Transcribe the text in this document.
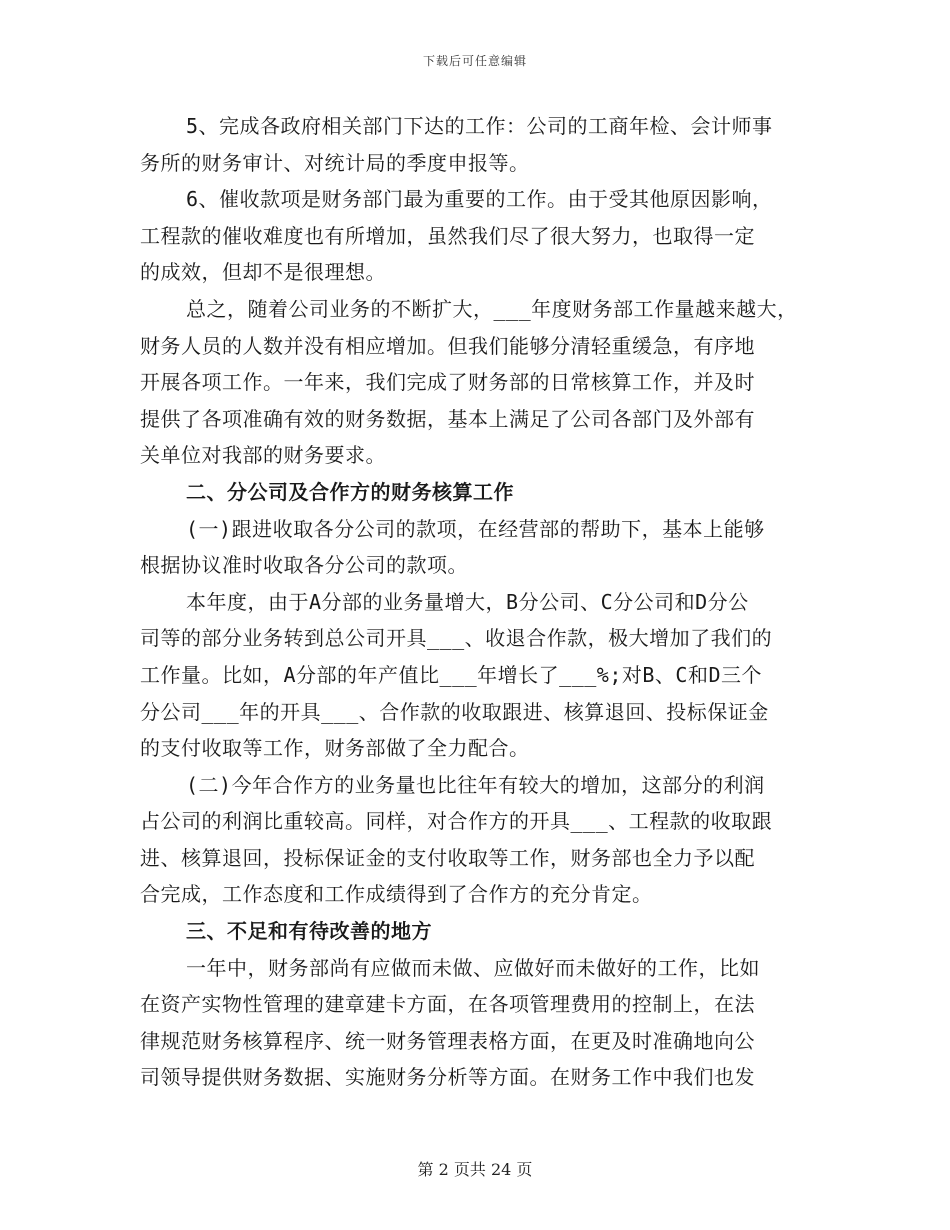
下载后可任意编辑
5、完成各政府相关部门下达的工作：公司的工商年检、会计师事
务所的财务审计、对统计局的季度申报等。
6、催收款项是财务部门最为重要的工作。由于受其他原因影响，
工程款的催收难度也有所增加，虽然我们尽了很大努力，也取得一定
的成效，但却不是很理想。
总之，随着公司业务的不断扩大，___年度财务部工作量越来越大，
财务人员的人数并没有相应增加。但我们能够分清轻重缓急，有序地
开展各项工作。一年来，我们完成了财务部的日常核算工作，并及时
提供了各项准确有效的财务数据，基本上满足了公司各部门及外部有
关单位对我部的财务要求。
二、分公司及合作方的财务核算工作
(一)跟进收取各分公司的款项，在经营部的帮助下，基本上能够
根据协议准时收取各分公司的款项。
本年度，由于A分部的业务量增大，B分公司、C分公司和D分公
司等的部分业务转到总公司开具___、收退合作款，极大增加了我们的
工作量。比如，A分部的年产值比___年增长了___%;对B、C和D三个
分公司___年的开具___、合作款的收取跟进、核算退回、投标保证金
的支付收取等工作，财务部做了全力配合。
(二)今年合作方的业务量也比往年有较大的增加，这部分的利润
占公司的利润比重较高。同样，对合作方的开具___、工程款的收取跟
进、核算退回，投标保证金的支付收取等工作，财务部也全力予以配
合完成，工作态度和工作成绩得到了合作方的充分肯定。
三、不足和有待改善的地方
一年中，财务部尚有应做而未做、应做好而未做好的工作，比如
在资产实物性管理的建章建卡方面，在各项管理费用的控制上，在法
律规范财务核算程序、统一财务管理表格方面，在更及时准确地向公
司领导提供财务数据、实施财务分析等方面。在财务工作中我们也发
第 2 页共 24 页
